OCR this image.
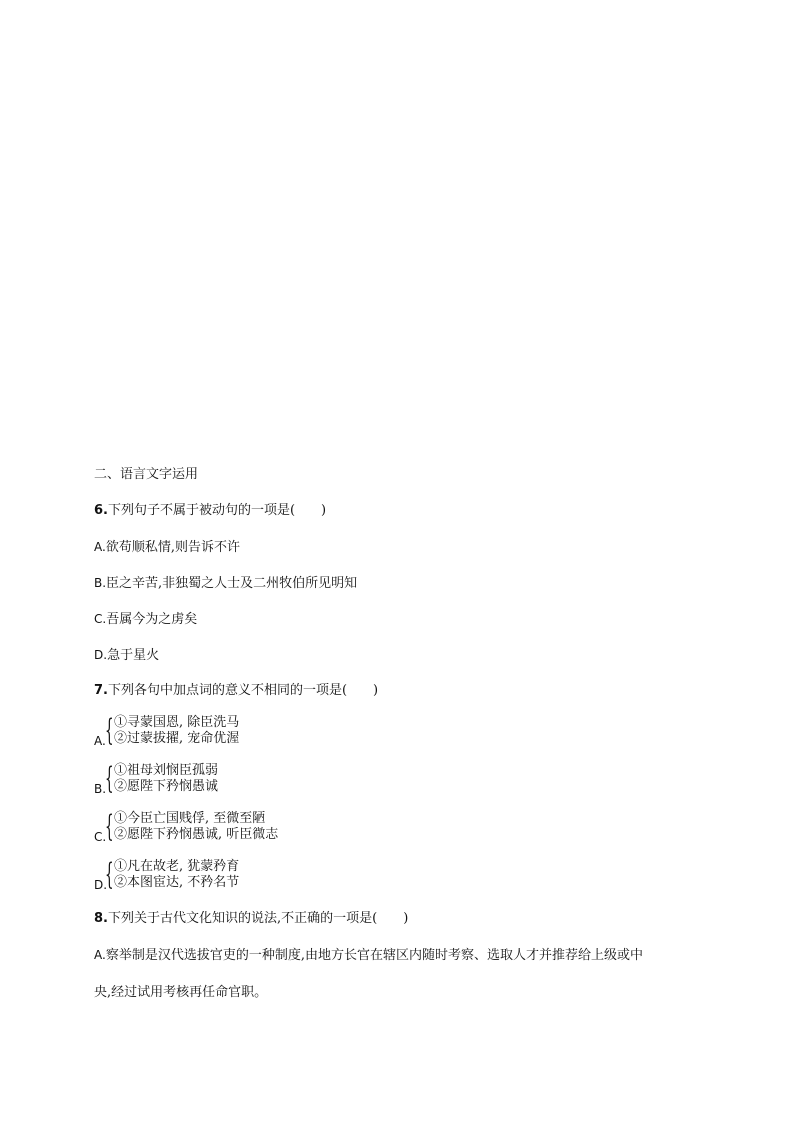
二、语言文字运用
6.下列句子不属于被动句的一项是(　　)
A.欲苟顺私情,则告诉不许
B.臣之辛苦,非独蜀之人士及二州牧伯所见明知
C.吾属今为之虏矣
D.急于星火
7.下列各句中加点词的意义不相同的一项是(　　)
A. { ①寻蒙国恩, 除臣洗马
②过蒙拔擢, 宠命优渥
B.
{ ①祖母刘悯臣孤弱
②愿陛下矜悯愚诚
C.
{ ①今臣亡国贱俘, 至微至陋
②愿陛下矜悯愚诚, 听臣微志
D.
{ ①凡在故老, 犹蒙矜育
②本图宦达, 不矜名节
8.下列关于古代文化知识的说法,不正确的一项是(　　)
A.察举制是汉代选拔官吏的一种制度,由地方长官在辖区内随时考察、选取人才并推荐给上级或中
央,经过试用考核再任命官职。
